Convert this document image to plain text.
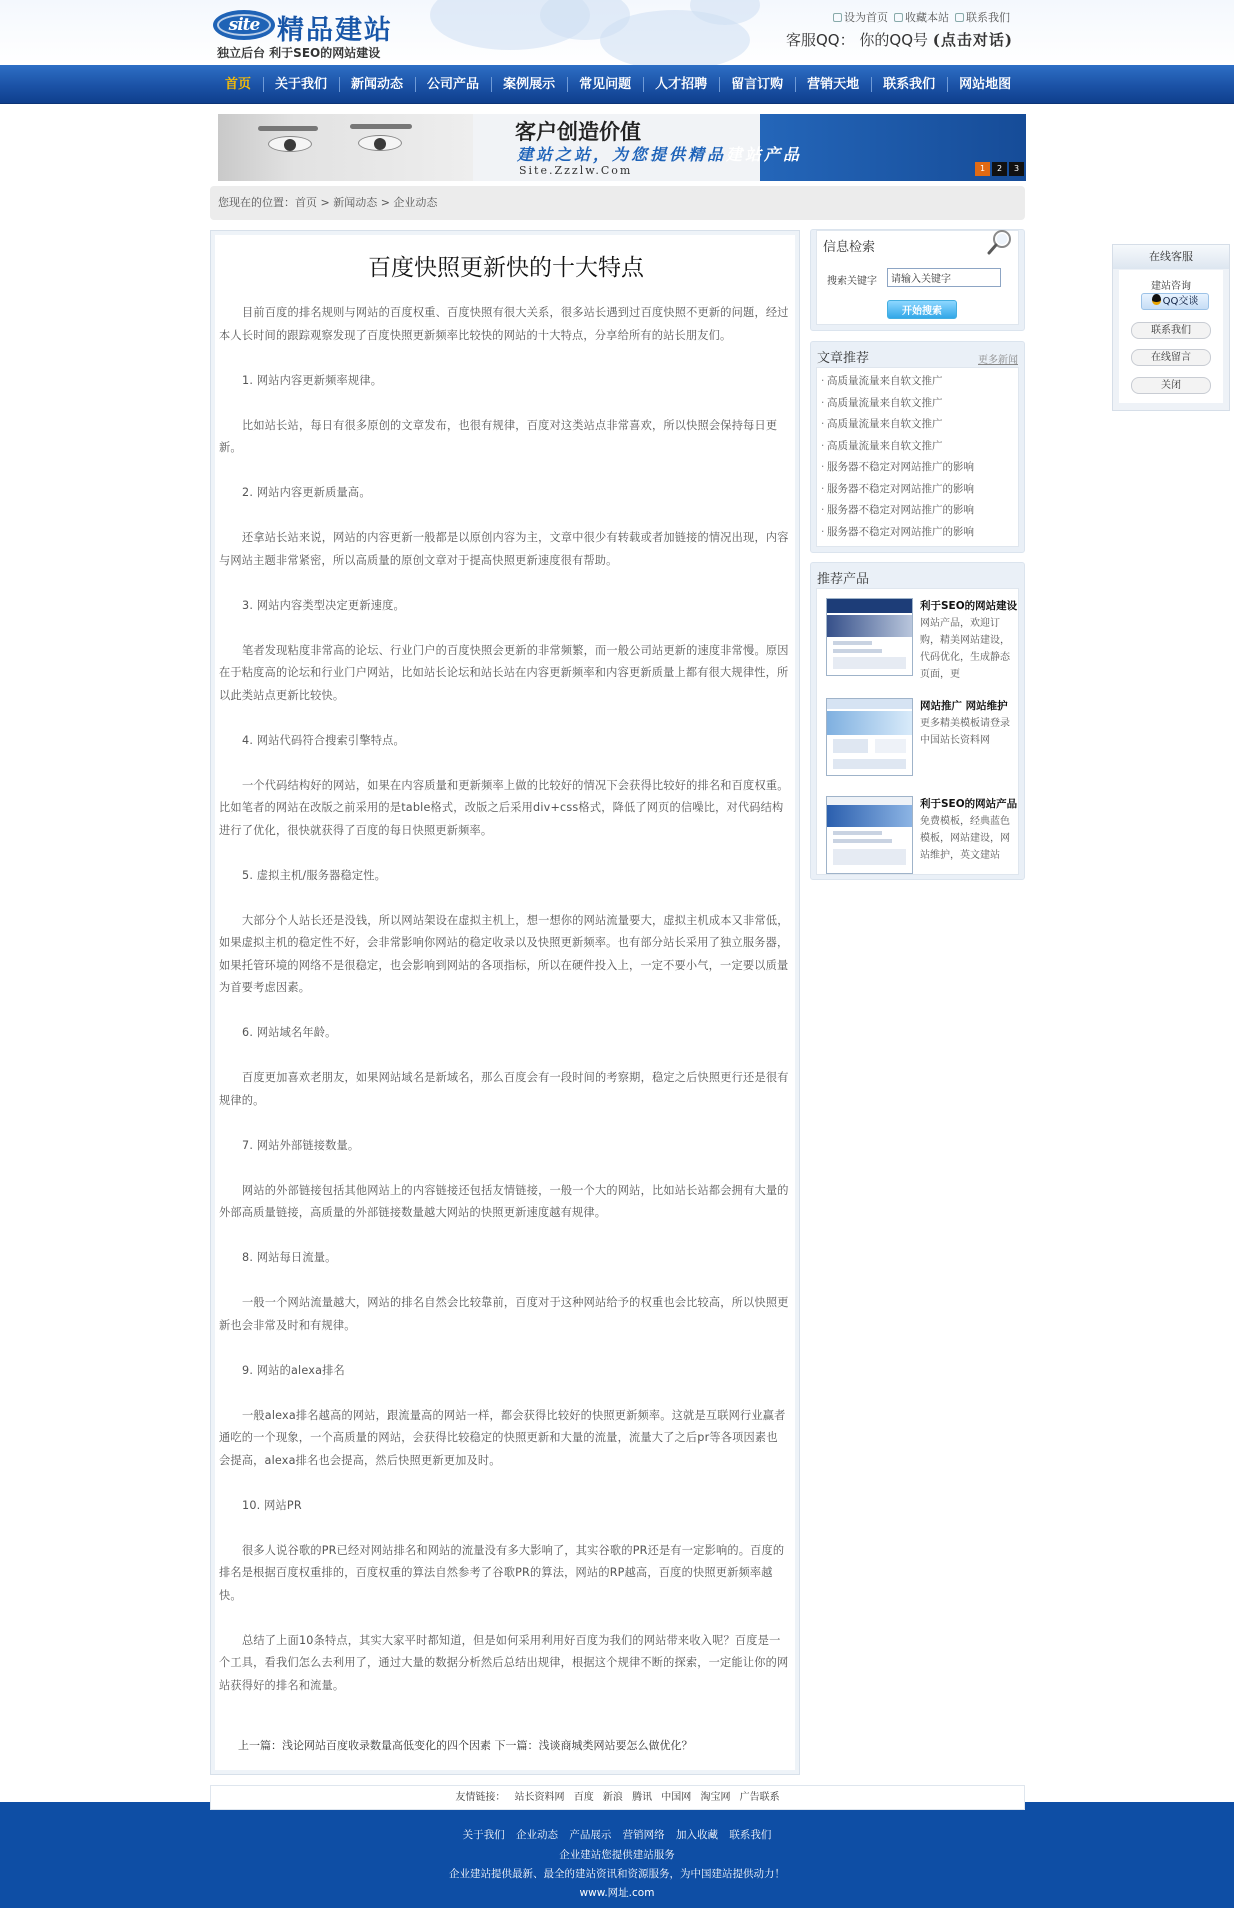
site 精品建站
独立后台 利于SEO的网站建设
设为首页 收藏本站 联系我们
客服QQ： 你的QQ号 (点击对话)
首页	关于我们	新闻动态	公司产品	案例展示	常见问题	人才招聘	留言订购	营销天地	联系我们	网站地图
客户创造价值
建站之站，为您提供精品建站产品
Site.Zzzlw.Com	1	2	3
您现在的位置：首页 > 新闻动态 > 企业动态
百度快照更新快的十大特点

目前百度的排名规则与网站的百度权重、百度快照有很大关系，很多站长遇到过百度快照不更新的问题，经过本人长时间的跟踪观察发现了百度快照更新频率比较快的网站的十大特点，分享给所有的站长朋友们。

1. 网站内容更新频率规律。

比如站长站，每日有很多原创的文章发布，也很有规律，百度对这类站点非常喜欢，所以快照会保持每日更新。

2. 网站内容更新质量高。

还拿站长站来说，网站的内容更新一般都是以原创内容为主，文章中很少有转载或者加链接的情况出现，内容与网站主题非常紧密，所以高质量的原创文章对于提高快照更新速度很有帮助。

3. 网站内容类型决定更新速度。

笔者发现粘度非常高的论坛、行业门户的百度快照会更新的非常频繁，而一般公司站更新的速度非常慢。原因在于粘度高的论坛和行业门户网站，比如站长论坛和站长站在内容更新频率和内容更新质量上都有很大规律性，所以此类站点更新比较快。

4. 网站代码符合搜索引擎特点。

一个代码结构好的网站，如果在内容质量和更新频率上做的比较好的情况下会获得比较好的排名和百度权重。比如笔者的网站在改版之前采用的是table格式，改版之后采用div+css格式，降低了网页的信噪比，对代码结构进行了优化，很快就获得了百度的每日快照更新频率。

5. 虚拟主机/服务器稳定性。

大部分个人站长还是没钱，所以网站架设在虚拟主机上，想一想你的网站流量要大，虚拟主机成本又非常低，如果虚拟主机的稳定性不好，会非常影响你网站的稳定收录以及快照更新频率。也有部分站长采用了独立服务器，如果托管环境的网络不是很稳定，也会影响到网站的各项指标，所以在硬件投入上，一定不要小气，一定要以质量为首要考虑因素。

6. 网站域名年龄。

百度更加喜欢老朋友，如果网站域名是新域名，那么百度会有一段时间的考察期，稳定之后快照更行还是很有规律的。

7. 网站外部链接数量。

网站的外部链接包括其他网站上的内容链接还包括友情链接，一般一个大的网站，比如站长站都会拥有大量的外部高质量链接，高质量的外部链接数量越大网站的快照更新速度越有规律。

8. 网站每日流量。

一般一个网站流量越大，网站的排名自然会比较靠前，百度对于这种网站给予的权重也会比较高，所以快照更新也会非常及时和有规律。

9. 网站的alexa排名

一般alexa排名越高的网站，跟流量高的网站一样，都会获得比较好的快照更新频率。这就是互联网行业赢者通吃的一个现象，一个高质量的网站，会获得比较稳定的快照更新和大量的流量，流量大了之后pr等各项因素也会提高，alexa排名也会提高，然后快照更新更加及时。

10. 网站PR

很多人说谷歌的PR已经对网站排名和网站的流量没有多大影响了，其实谷歌的PR还是有一定影响的。百度的排名是根据百度权重排的，百度权重的算法自然参考了谷歌PR的算法，网站的RP越高，百度的快照更新频率越快。

总结了上面10条特点，其实大家平时都知道，但是如何采用利用好百度为我们的网站带来收入呢？百度是一个工具，看我们怎么去利用了，通过大量的数据分析然后总结出规律，根据这个规律不断的探索，一定能让你的网站获得好的排名和流量。

上一篇：浅论网站百度收录数量高低变化的四个因素 下一篇：浅谈商城类网站要怎么做优化？
信息检索
搜索关键字
请输入关键字
开始搜索
文章推荐	更多新闻
· 高质量流量来自软文推广
· 高质量流量来自软文推广
· 高质量流量来自软文推广
· 高质量流量来自软文推广
· 服务器不稳定对网站推广的影响
· 服务器不稳定对网站推广的影响
· 服务器不稳定对网站推广的影响
· 服务器不稳定对网站推广的影响
推荐产品
利于SEO的网站建设
网站产品，欢迎订购，精美网站建设，代码优化，生成静态页面，更
网站推广 网站维护
更多精美模板请登录中国站长资料网
利于SEO的网站产品
免费模板，经典蓝色模板，网站建设，网站维护，英文建站
在线客服
建站咨询
QQ交谈
联系我们
在线留言
关闭
友情链接： 站长资料网 百度 新浪 腾讯 中国网 淘宝网 广告联系
关于我们 企业动态 产品展示 营销网络 加入收藏 联系我们
企业建站您提供建站服务
企业建站提供最新、最全的建站资讯和资源服务，为中国建站提供动力！
www.网址.com
